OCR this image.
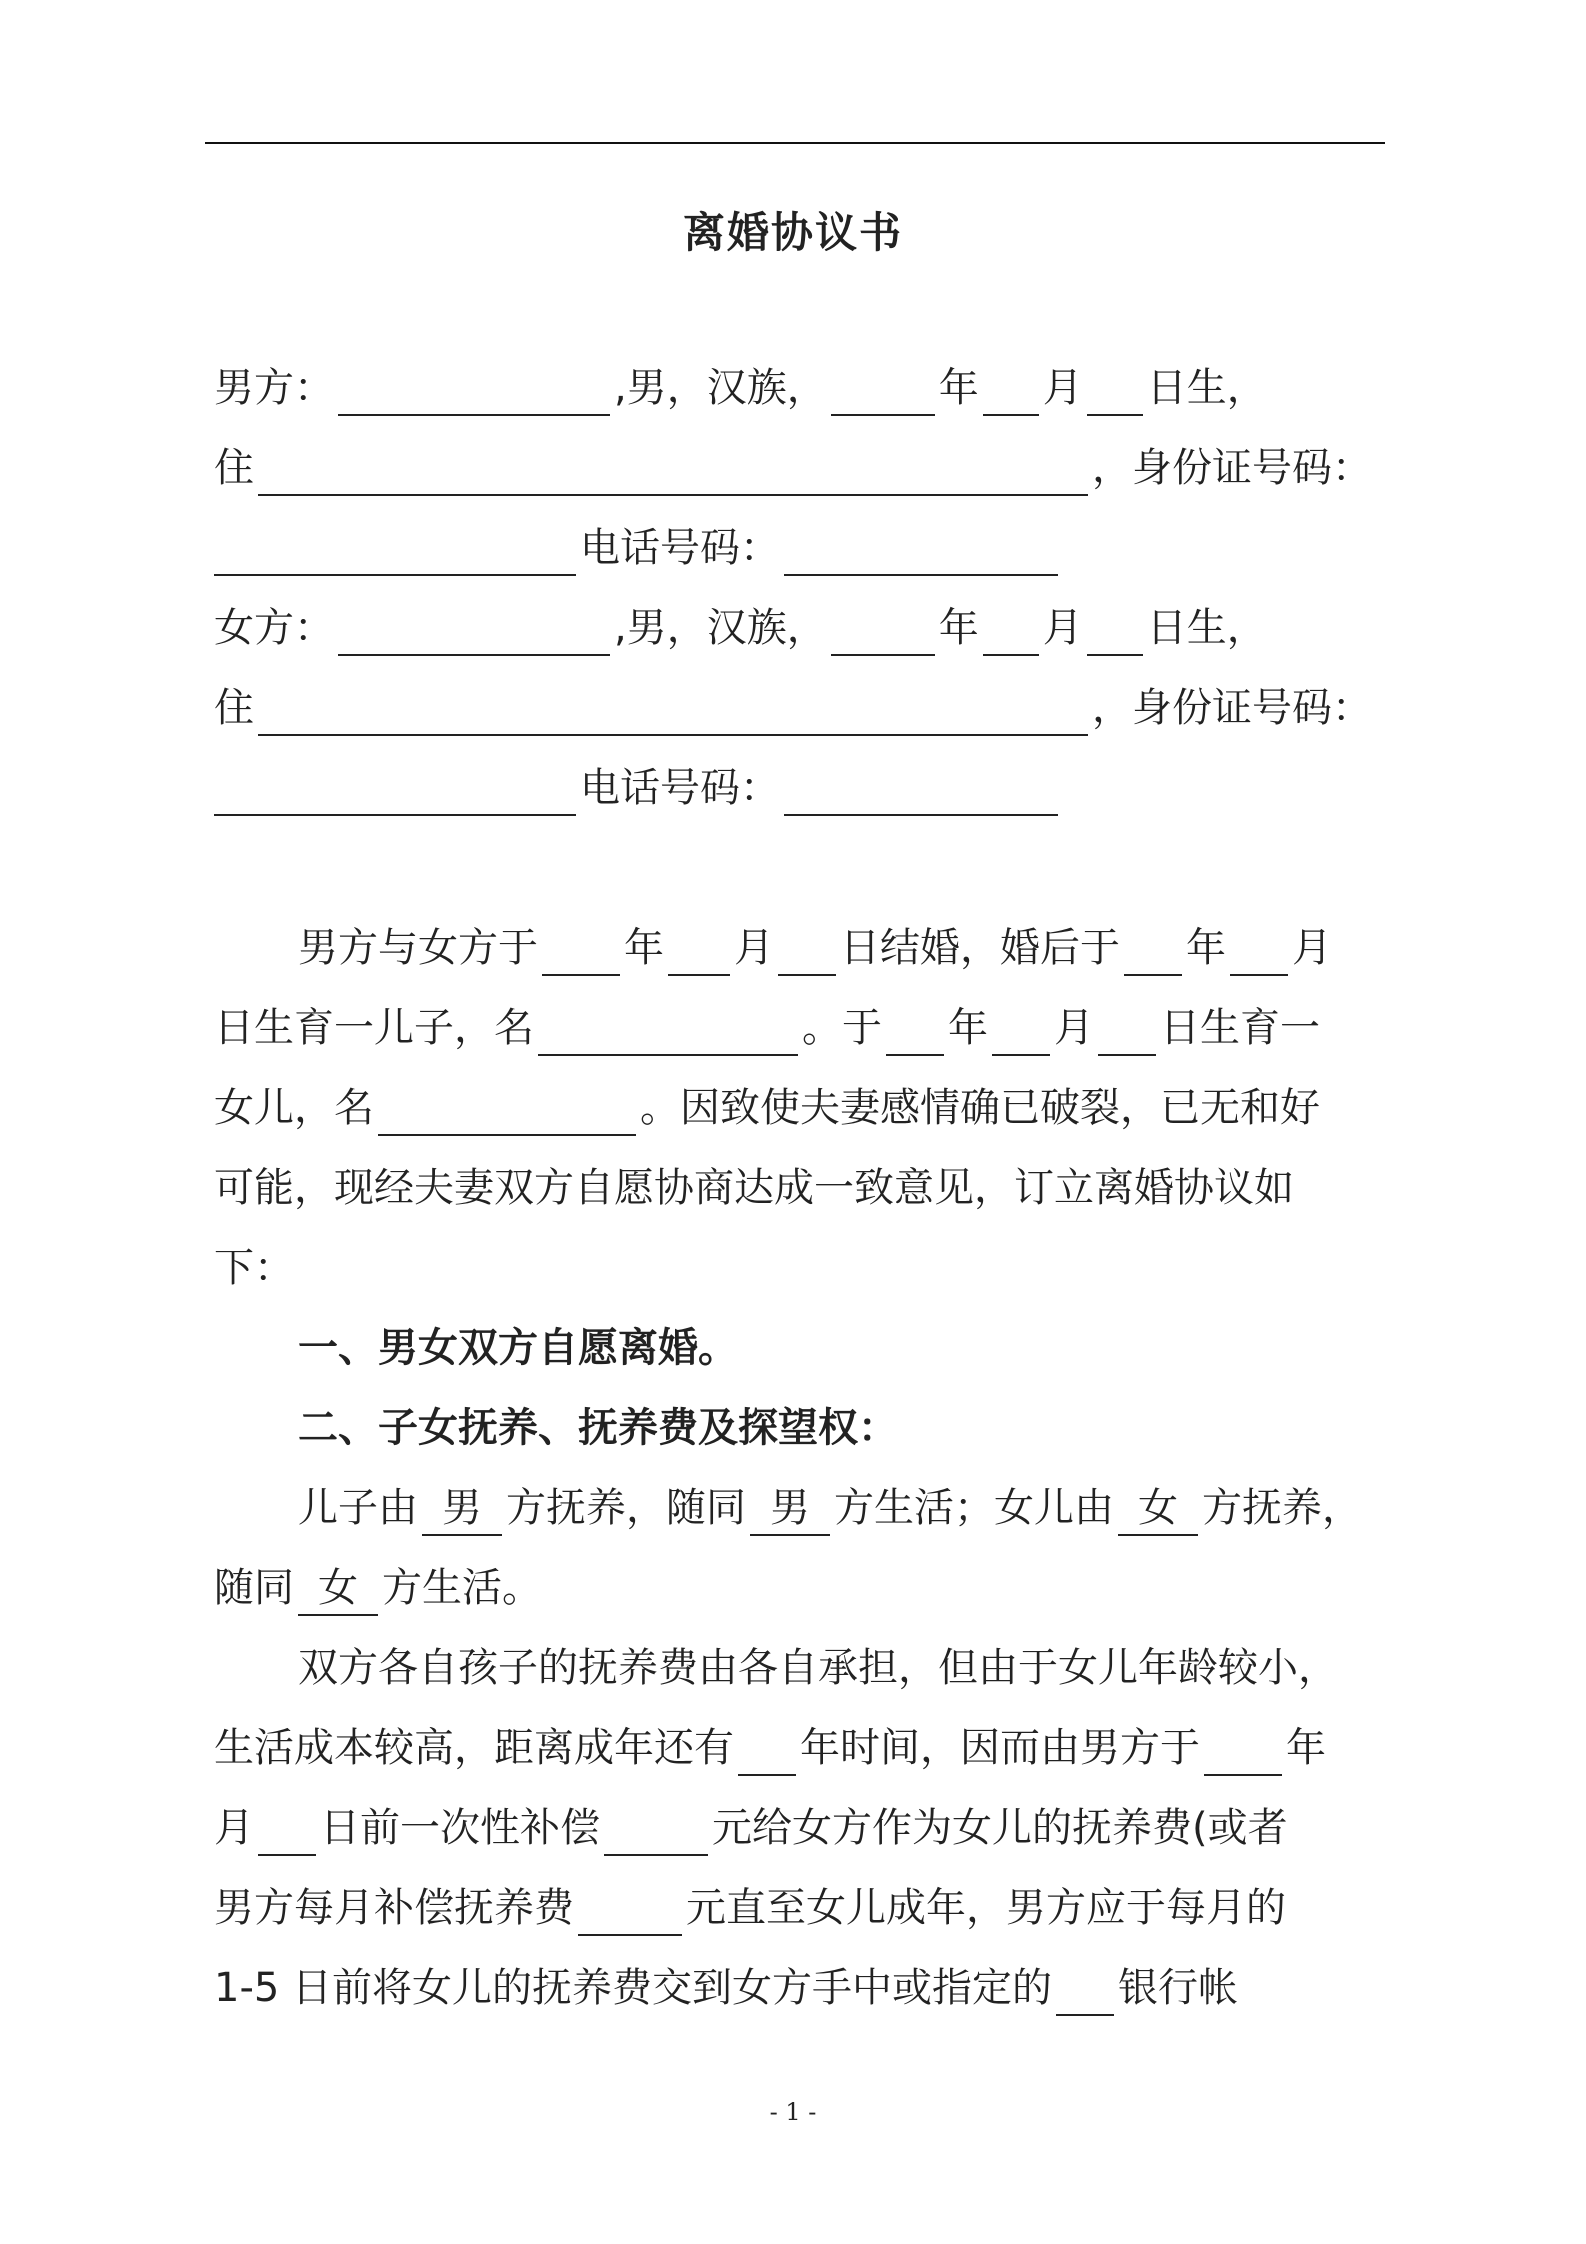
离婚协议书
男方：	,男，汉族，	年 月 日生，
住	，身份证号码：
电话号码：
女方：	,男，汉族，	年 月 日生，
住	，身份证号码：
电话号码：
男方与女方于 年 月 日结婚，婚后于 年 月
日生育一儿子，名	。于 年 月 日生育一
女儿，名	。因致使夫妻感情确已破裂，已无和好
可能，现经夫妻双方自愿协商达成一致意见，订立离婚协议如
下：
一、男女双方自愿离婚。
二、子女抚养、抚养费及探望权：
儿子由 男 方抚养，随同 男 方生活；女儿由 女 方抚养，
随同 女 方生活。
双方各自孩子的抚养费由各自承担，但由于女儿年龄较小，
生活成本较高，距离成年还有 年时间，因而由男方于 年
月 日前一次性补偿	元给女方作为女儿的抚养费(或者
男方每月补偿抚养费	元直至女儿成年，男方应于每月的
1-5 日前将女儿的抚养费交到女方手中或指定的 银行帐
- 1 -
